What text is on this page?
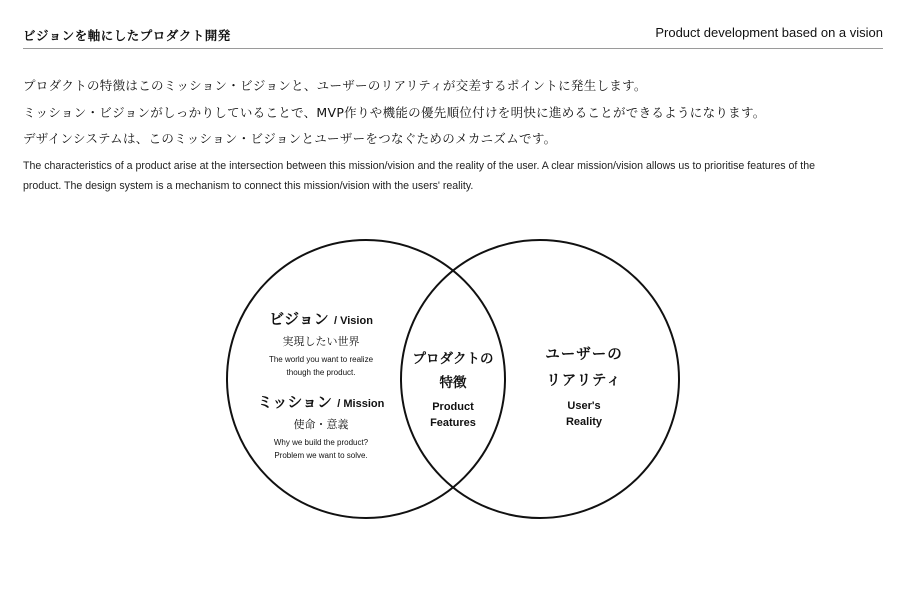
ビジョンを軸にしたプロダクト開発	Product development based on a vision

プロダクトの特徴はこのミッション・ビジョンと、ユーザーのリアリティが交差するポイントに発生します。

ミッション・ビジョンがしっかりしていることで、MVP作りや機能の優先順位付けを明快に進めることができるようになります。

デザインシステムは、このミッション・ビジョンとユーザーをつなぐためのメカニズムです。

The characteristics of a product arise at the intersection between this mission/vision and the reality of the user. A clear mission/vision allows us to prioritise features of the product. The design system is a mechanism to connect this mission/vision with the users' reality.

ビジョン / Vision
実現したい世界
The world you want to realize
though the product.
ミッション / Mission
使命・意義
Why we build the product?
Problem we want to solve.
プロダクトの
特徴
Product
Features
ユーザーの
リアリティ
User's
Reality
